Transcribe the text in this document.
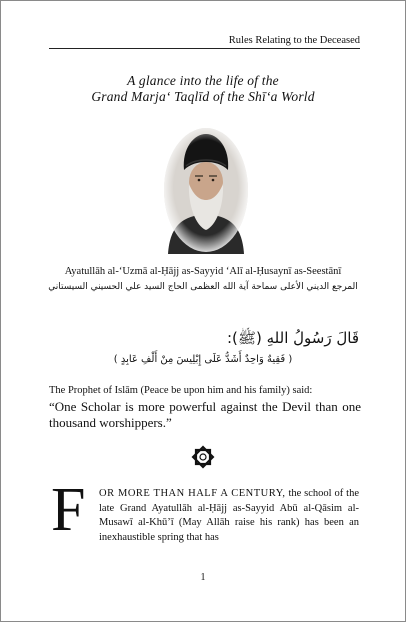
Rules Relating to the Deceased
A glance into the life of the
Grand Marja‘ Taqlīd of the Shī‘a World
Ayatullāh al-‘Uzmā al-Ḥājj as-Sayyid ‘Alī al-Ḥusaynī as-Seestānī
المرجع الديني الأعلى سماحة آية الله العظمى الحاج السيد علي الحسيني السيستاني
قَالَ رَسُولُ اللهِ (ﷺ):
( فَقِيهٌ وَاحِدٌ أَشَدُّ عَلَى إِبْلِيسَ مِنْ أَلْفِ عَابِدٍ )
The Prophet of Islām (Peace be upon him and his family) said:
“One Scholar is more powerful against the Devil than one thousand worshippers.”
F OR MORE THAN HALF A CENTURY, the school of the late Grand Ayatullāh al-Ḥājj as-Sayyid Abū al-Qāsim al-Musawī al-Khū’ī (May Allāh raise his rank) has been an inexhaustible spring that has
1
